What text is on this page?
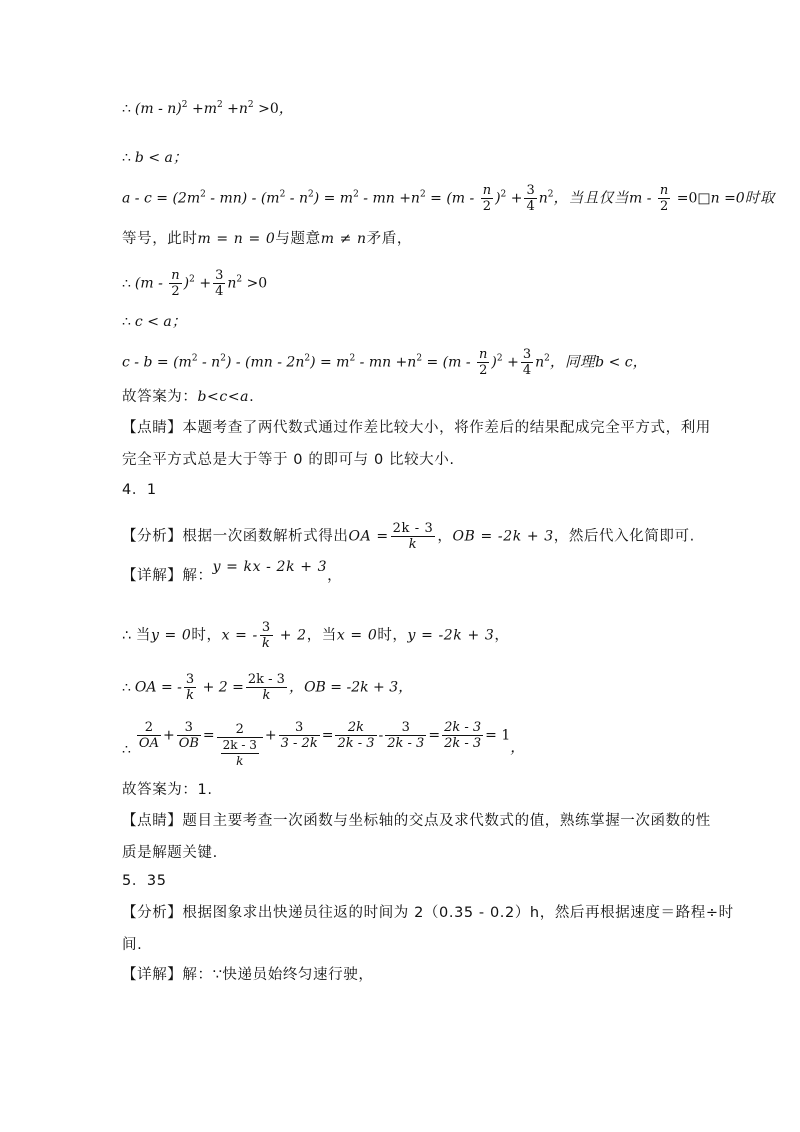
∴ $(m - n)^2 +m^2 +n^2 >0$，
∴ b < a；
$a - c = (2m^2 - mn) - (m^2 - n^2) = m^2$ - mn $+n^2 = (m - \frac{n}{2} )^2 + \frac{3}{4} n^2$，当且仅当m - $\frac{n}{2}$ =0□n =0时取
等号，此时m = n = 0与题意m ≠ n矛盾，
∴ $(m - \frac{n}{2} )^2 + \frac{3}{4} n^2 >0$
∴ c < a；
$c - b = (m^2 - n^2) - (mn - 2n^2) = m^2$ - mn $+n^2 = (m - \frac{n}{2} )^2 + \frac{3}{4} n^2$，同理b < c，
故答案为：b<c<a.
【点睛】本题考查了两代数式通过作差比较大小，将作差后的结果配成完全平方式，利用
完全平方式总是大于等于 0 的即可与 0 比较大小.
4．1
【分析】根据一次函数解析式得出OA = $\frac{2k - 3}{k}$ ，OB = -2k + 3，然后代入化简即可.
【详解】解：y = kx - 2k + 3，
∴ 当y = 0时，x = - $\frac{3}{k} + 2$，当x = 0时，y = -2k + 3，
∴ OA = - $\frac{3}{k} + 2 = \frac{2k - 3}{k}$ ，OB = -2k + 3，
∴ $\frac{2}{OA} + \frac{3}{OB} = \frac{2}{\frac{2k - 3}{k}} + \frac{3}{3 - 2k} = \frac{2k}{2k - 3} - \frac{3}{2k - 3} = \frac{2k - 3}{2k - 3} = 1$，
故答案为：1.
【点睛】题目主要考查一次函数与坐标轴的交点及求代数式的值，熟练掌握一次函数的性
质是解题关键.
5．35
【分析】根据图象求出快递员往返的时间为 2（0.35 - 0.2）h，然后再根据速度＝路程÷时
间.
【详解】解：∵快递员始终匀速行驶，
